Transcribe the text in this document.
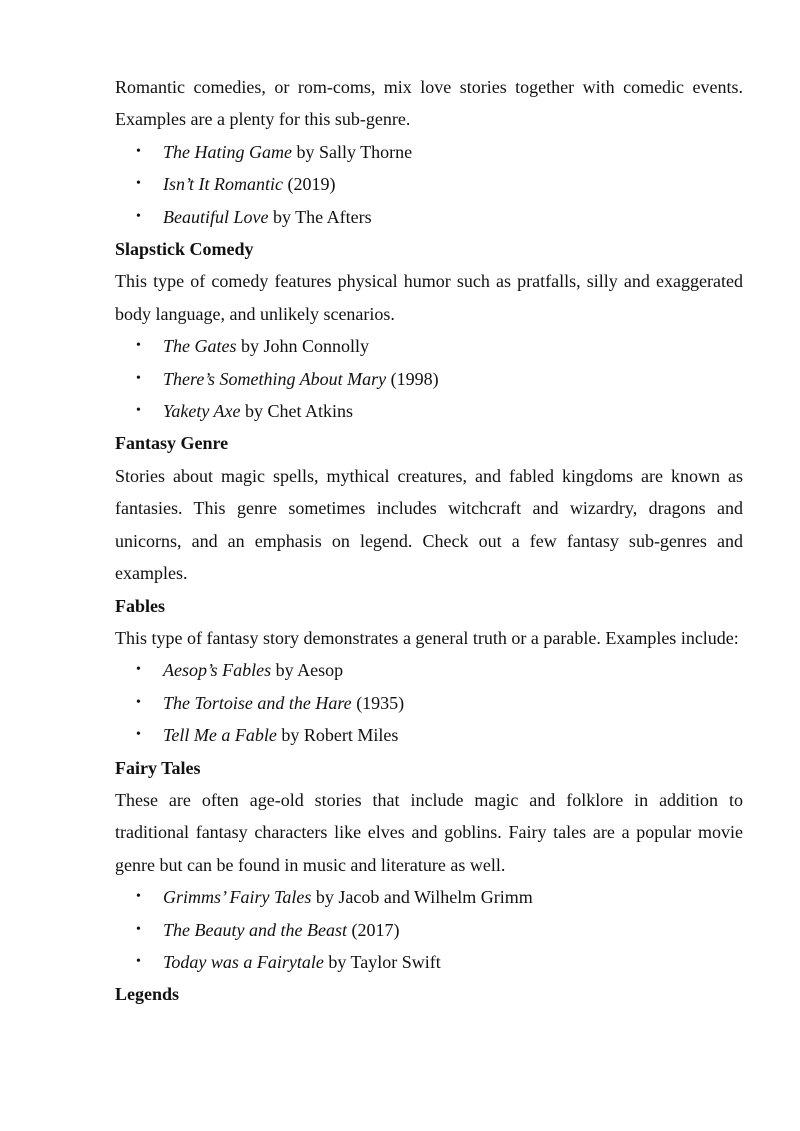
Romantic comedies, or rom-coms, mix love stories together with comedic events. Examples are a plenty for this sub-genre.

• The Hating Game by Sally Thorne
• Isn’t It Romantic (2019)
• Beautiful Love by The Afters

Slapstick Comedy

This type of comedy features physical humor such as pratfalls, silly and exaggerated body language, and unlikely scenarios.

• The Gates by John Connolly
• There’s Something About Mary (1998)
• Yakety Axe by Chet Atkins

Fantasy Genre

Stories about magic spells, mythical creatures, and fabled kingdoms are known as fantasies. This genre sometimes includes witchcraft and wizardry, dragons and unicorns, and an emphasis on legend. Check out a few fantasy sub-genres and examples.

Fables

This type of fantasy story demonstrates a general truth or a parable. Examples include:

• Aesop’s Fables by Aesop
• The Tortoise and the Hare (1935)
• Tell Me a Fable by Robert Miles

Fairy Tales

These are often age-old stories that include magic and folklore in addition to traditional fantasy characters like elves and goblins. Fairy tales are a popular movie genre but can be found in music and literature as well.

• Grimms’ Fairy Tales by Jacob and Wilhelm Grimm
• The Beauty and the Beast (2017)
• Today was a Fairytale by Taylor Swift

Legends
